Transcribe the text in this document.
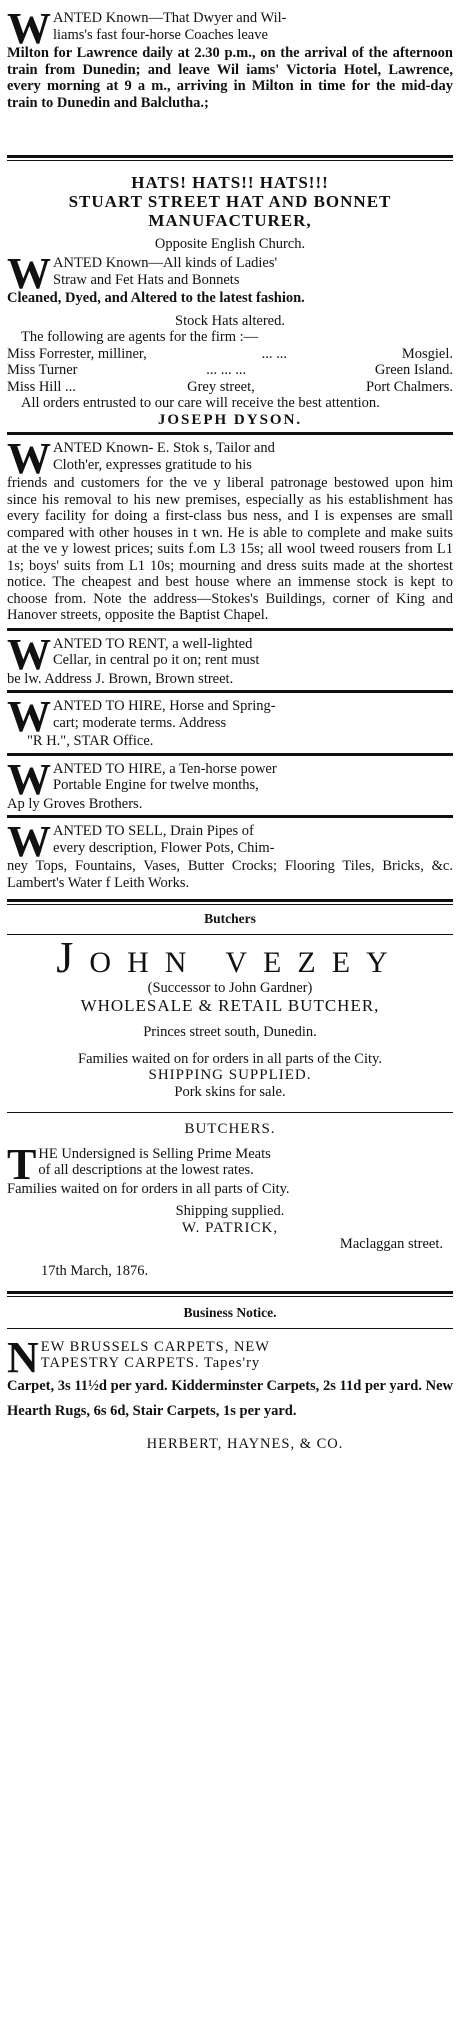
W ANTED Known—That Dwyer and Wil-
liams's fast four-horse Coaches leave
Milton for Lawrence daily at 2.30 p.m., on the arrival of the afternoon train from Dunedin; and leave Wil iams' Victoria Hotel, Lawrence, every morning at 9 a m., arriving in Milton in time for the mid-day train to Dunedin and Balclutha.;
HATS! HATS!! HATS!!!
STUART STREET HAT AND BONNET MANUFACTURER,
Opposite English Church.
W ANTED Known—All kinds of Ladies'
Straw and Fet Hats and Bonnets
Cleaned, Dyed, and Altered to the latest fashion.
Stock Hats altered.
The following are agents for the firm :—
Miss Forrester, milliner,	... ...	Mosgiel.
Miss Turner	... ... ...	Green Island.
Miss Hill ...	Grey street,	Port Chalmers.
All orders entrusted to our care will receive the best attention.
JOSEPH DYSON.
W ANTED Known- E. Stok s, Tailor and
Cloth'er, expresses gratitude to his
friends and customers for the ve y liberal patronage bestowed upon him since his removal to his new premises, especially as his establishment has every facility for doing a first-class bus ness, and I is expenses are small compared with other houses in t wn. He is able to complete and make suits at the ve y lowest prices; suits f.om L3 15s; all wool tweed rousers from L1 1s; boys' suits from L1 10s; mourning and dress suits made at the shortest notice. The cheapest and best house where an immense stock is kept to choose from. Note the address—Stokes's Buildings, corner of King and Hanover streets, opposite the Baptist Chapel.
W ANTED TO RENT, a well-lighted
Cellar, in central po it on; rent must
be lw. Address J. Brown, Brown street.
W ANTED TO HIRE, Horse and Spring-
cart; moderate terms. Address
"R H.", STAR Office.
W ANTED TO HIRE, a Ten-horse power
Portable Engine for twelve months,
Ap ly Groves Brothers.
W ANTED TO SELL, Drain Pipes of
every description, Flower Pots, Chim-
ney Tops, Fountains, Vases, Butter Crocks; Flooring Tiles, Bricks, &c. Lambert's Water f Leith Works.
Butchers
JOHN VEZEY
(Successor to John Gardner)
WHOLESALE & RETAIL BUTCHER,
Princes street south, Dunedin.
Families waited on for orders in all parts of the City.
SHIPPING SUPPLIED.
Pork skins for sale.
BUTCHERS.
T HE Undersigned is Selling Prime Meats
of all descriptions at the lowest rates.
Families waited on for orders in all parts of City.
Shipping supplied.
W. PATRICK,
Maclaggan street.
17th March, 1876.
Business Notice.
N EW BRUSSELS CARPETS, NEW
TAPESTRY CARPETS. Tapes'ry
Carpet, 3s 11½d per yard. Kidderminster Carpets, 2s 11d per yard. New Hearth Rugs, 6s 6d, Stair Carpets, 1s per yard.
HERBERT, HAYNES, & CO.
